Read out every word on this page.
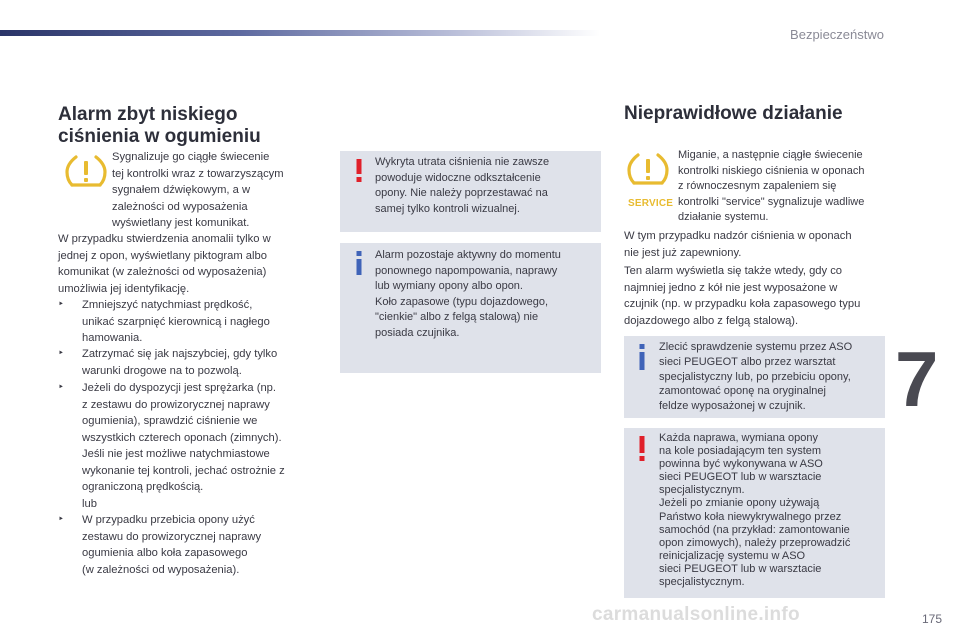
Bezpieczeństwo
7
Alarm zbyt niskiego
ciśnienia w ogumieniu
Sygnalizuje go ciągłe świecenie
tej kontrolki wraz z towarzyszącym
sygnałem dźwiękowym, a w
zależności od wyposażenia
wyświetlany jest komunikat.
W przypadku stwierdzenia anomalii tylko w
jednej z opon, wyświetlany piktogram albo
komunikat (w zależności od wyposażenia)
umożliwia jej identyfikację.
‣ Zmniejszyć natychmiast prędkość,
unikać szarpnięć kierownicą i nagłego
hamowania.
‣ Zatrzymać się jak najszybciej, gdy tylko
warunki drogowe na to pozwolą.
‣ Jeżeli do dyspozycji jest sprężarka (np.
z zestawu do prowizorycznej naprawy
ogumienia), sprawdzić ciśnienie we
wszystkich czterech oponach (zimnych).
Jeśli nie jest możliwe natychmiastowe
wykonanie tej kontroli, jechać ostrożnie z
ograniczoną prędkością.
lub
‣ W przypadku przebicia opony użyć
zestawu do prowizorycznej naprawy
ogumienia albo koła zapasowego
(w zależności od wyposażenia).
Wykryta utrata ciśnienia nie zawsze
powoduje widoczne odkształcenie
opony. Nie należy poprzestawać na
samej tylko kontroli wizualnej.
Alarm pozostaje aktywny do momentu
ponownego napompowania, naprawy
lub wymiany opony albo opon.
Koło zapasowe (typu dojazdowego,
"cienkie" albo z felgą stalową) nie
posiada czujnika.
Nieprawidłowe działanie
SERVICE
Miganie, a następnie ciągłe świecenie
kontrolki niskiego ciśnienia w oponach
z równoczesnym zapaleniem się
kontrolki "service" sygnalizuje wadliwe
działanie systemu.
W tym przypadku nadzór ciśnienia w oponach
nie jest już zapewniony.
Ten alarm wyświetla się także wtedy, gdy co
najmniej jedno z kół nie jest wyposażone w
czujnik (np. w przypadku koła zapasowego typu
dojazdowego albo z felgą stalową).
Zlecić sprawdzenie systemu przez ASO
sieci PEUGEOT albo przez warsztat
specjalistyczny lub, po przebiciu opony,
zamontować oponę na oryginalnej
feldze wyposażonej w czujnik.
Każda naprawa, wymiana opony
na kole posiadającym ten system
powinna być wykonywana w ASO
sieci PEUGEOT lub w warsztacie
specjalistycznym.
Jeżeli po zmianie opony używają
Państwo koła niewykrywalnego przez
samochód (na przykład: zamontowanie
opon zimowych), należy przeprowadzić
reinicjalizację systemu w ASO
sieci PEUGEOT lub w warsztacie
specjalistycznym.
carmanualsonline.info	175
